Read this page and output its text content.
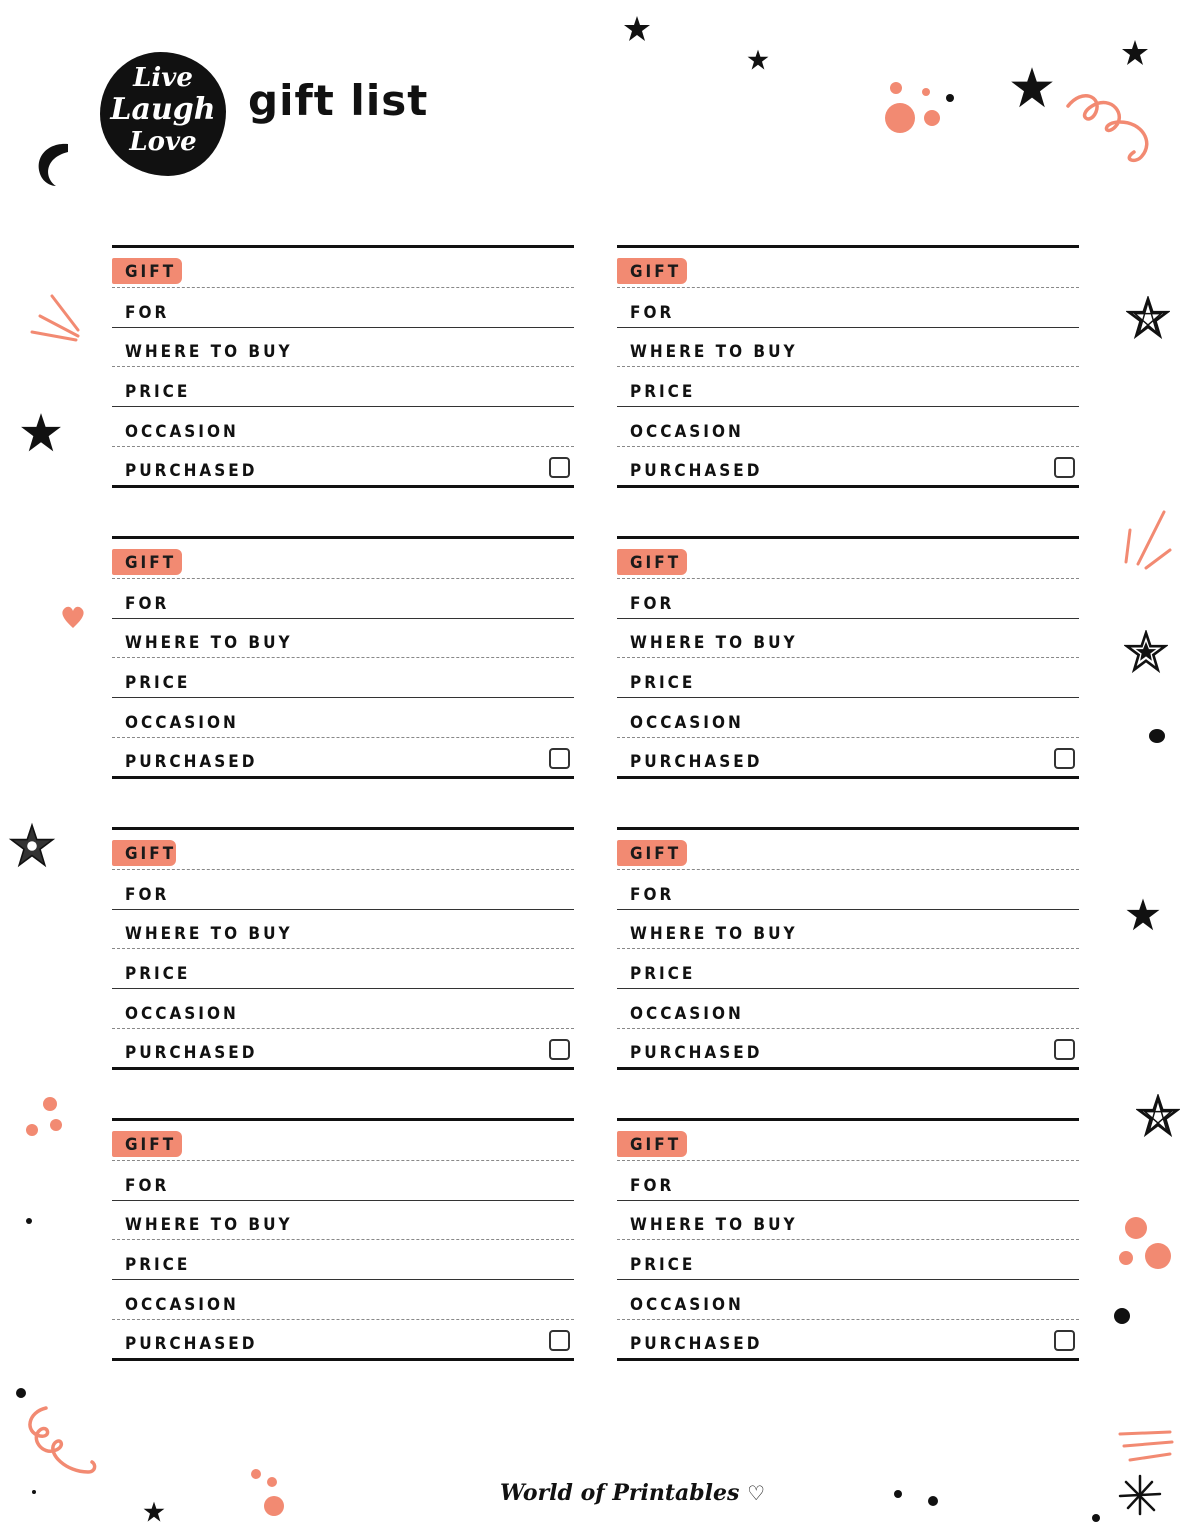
Live
Laugh
Love
gift list
GIFT
FOR
WHERE TO BUY
PRICE
OCCASION
PURCHASED
GIFT
FOR
WHERE TO BUY
PRICE
OCCASION
PURCHASED
GIFT
FOR
WHERE TO BUY
PRICE
OCCASION
PURCHASED
GIFT
FOR
WHERE TO BUY
PRICE
OCCASION
PURCHASED
GIFT
FOR
WHERE TO BUY
PRICE
OCCASION
PURCHASED
GIFT
FOR
WHERE TO BUY
PRICE
OCCASION
PURCHASED
GIFT
FOR
WHERE TO BUY
PRICE
OCCASION
PURCHASED
GIFT
FOR
WHERE TO BUY
PRICE
OCCASION
PURCHASED
World of Printables ♡
